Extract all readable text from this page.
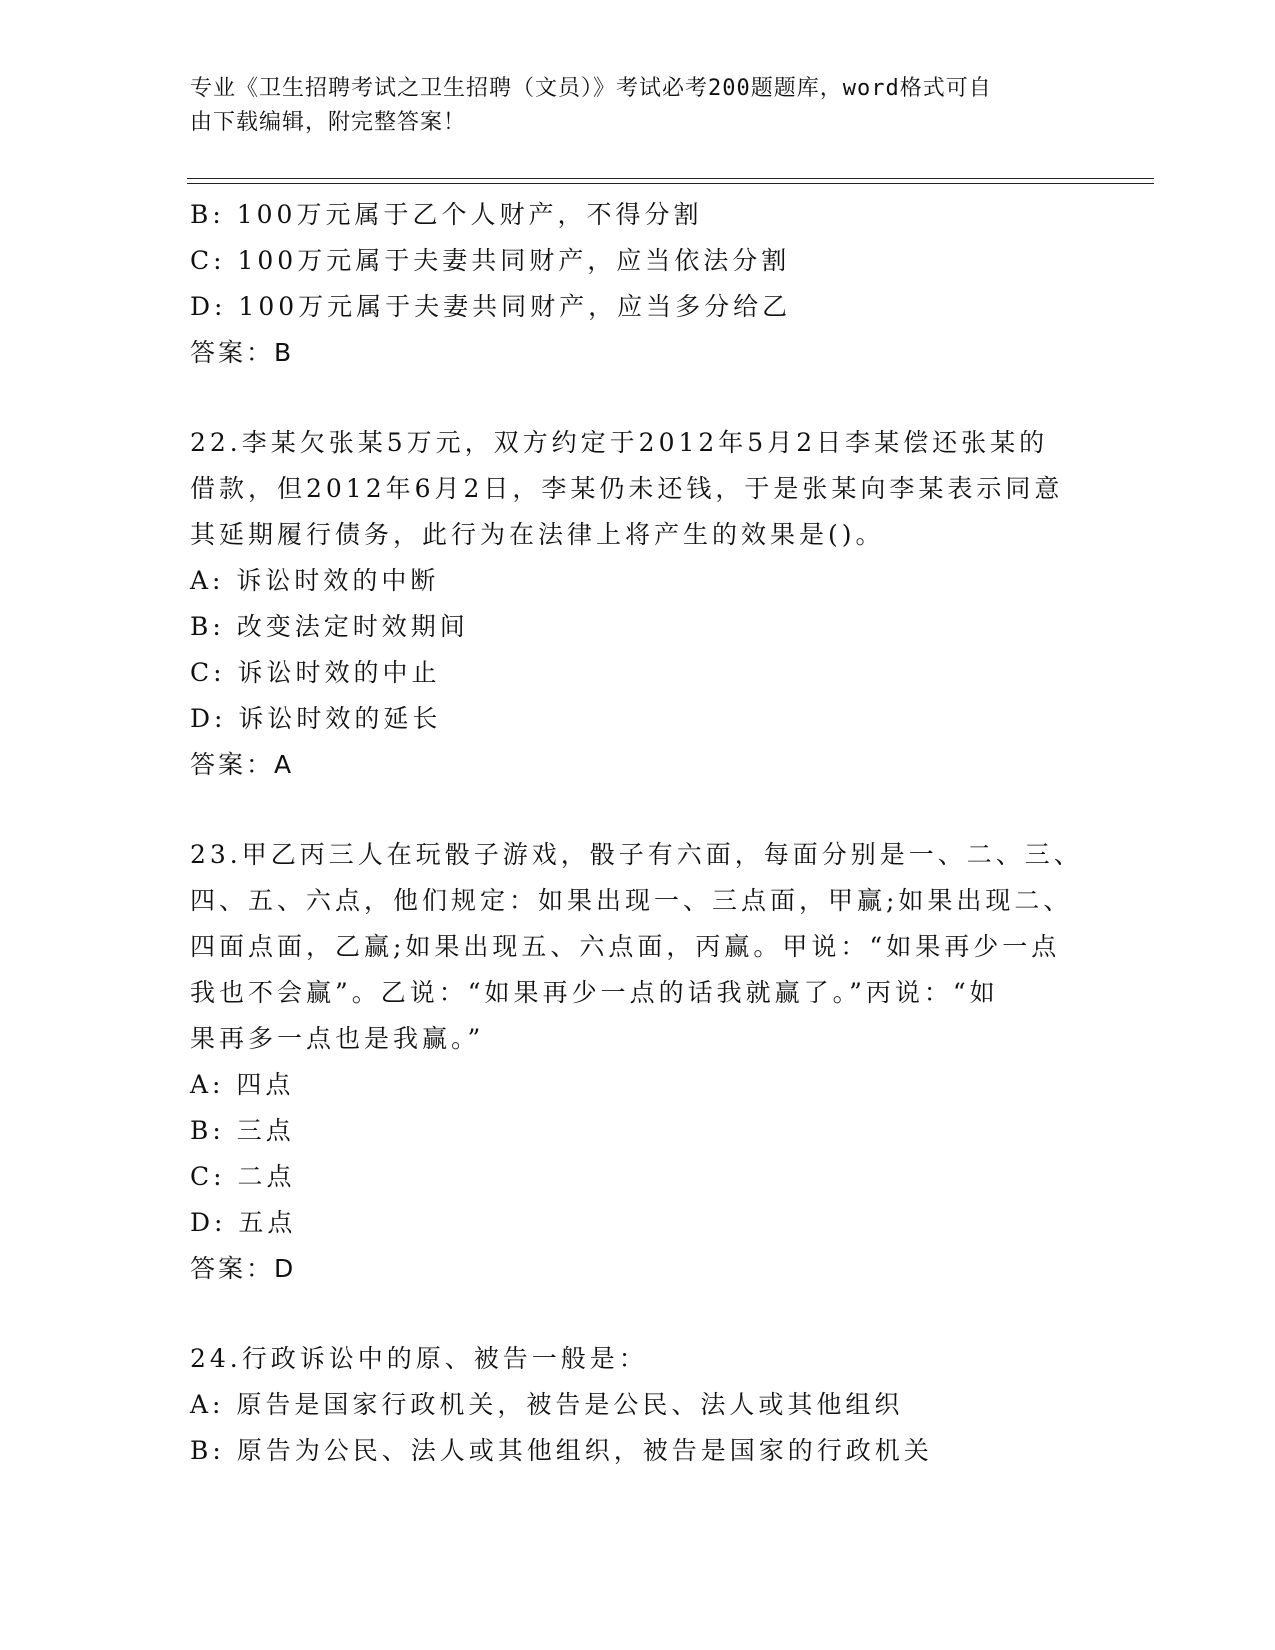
专业《卫生招聘考试之卫生招聘（文员）》考试必考200题题库，word格式可自
由下载编辑，附完整答案！
B: 100万元属于乙个人财产，不得分割
C: 100万元属于夫妻共同财产，应当依法分割
D: 100万元属于夫妻共同财产，应当多分给乙
答案：B
22.李某欠张某5万元，双方约定于2012年5月2日李某偿还张某的
借款，但2012年6月2日，李某仍未还钱，于是张某向李某表示同意
其延期履行债务，此行为在法律上将产生的效果是()。
A: 诉讼时效的中断
B: 改变法定时效期间
C: 诉讼时效的中止
D: 诉讼时效的延长
答案：A
23.甲乙丙三人在玩骰子游戏，骰子有六面，每面分别是一、二、三、
四、五、六点，他们规定：如果出现一、三点面，甲赢;如果出现二、
四面点面，乙赢;如果出现五、六点面，丙赢。甲说：“如果再少一点
我也不会赢”。乙说：“如果再少一点的话我就赢了。”丙说：“如
果再多一点也是我赢。”
A: 四点
B: 三点
C: 二点
D: 五点
答案：D
24.行政诉讼中的原、被告一般是：
A: 原告是国家行政机关，被告是公民、法人或其他组织
B: 原告为公民、法人或其他组织，被告是国家的行政机关
